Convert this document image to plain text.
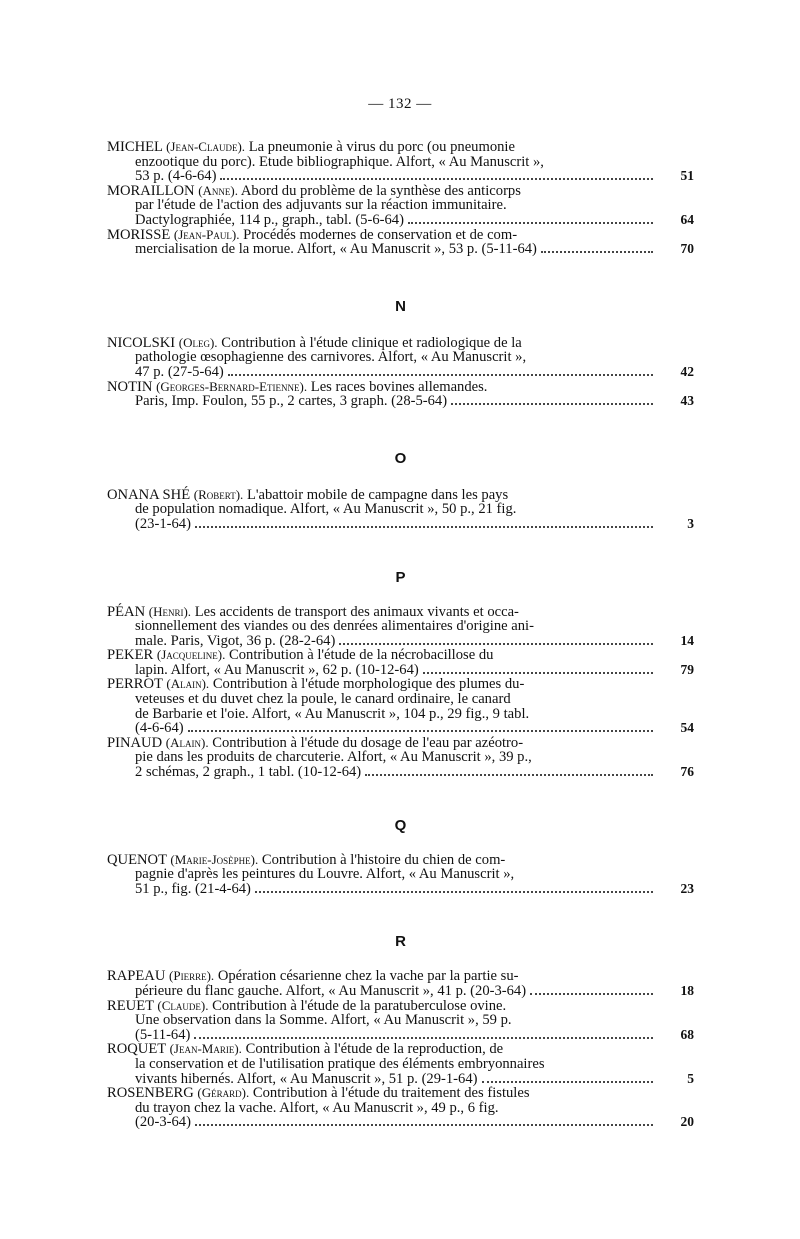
— 132 —
MICHEL (Jean-Claude). La pneumonie à virus du porc (ou pneumonie
enzootique du porc). Etude bibliographique. Alfort, « Au Manuscrit »,
53 p. (4-6-64)	51
MORAILLON (Anne). Abord du problème de la synthèse des anticorps
par l'étude de l'action des adjuvants sur la réaction immunitaire.
Dactylographiée, 114 p., graph., tabl. (5-6-64)	64
MORISSE (Jean-Paul). Procédés modernes de conservation et de com-
mercialisation de la morue. Alfort, « Au Manuscrit », 53 p. (5-11-64)	70
N
NICOLSKI (Oleg). Contribution à l'étude clinique et radiologique de la
pathologie œsophagienne des carnivores. Alfort, « Au Manuscrit »,
47 p. (27-5-64)	42
NOTIN (Georges-Bernard-Etienne). Les races bovines allemandes.
Paris, Imp. Foulon, 55 p., 2 cartes, 3 graph. (28-5-64)	43
O
ONANA SHÉ (Robert). L'abattoir mobile de campagne dans les pays
de population nomadique. Alfort, « Au Manuscrit », 50 p., 21 fig.
(23-1-64)	3
P
PÉAN (Henri). Les accidents de transport des animaux vivants et occa-
sionnellement des viandes ou des denrées alimentaires d'origine ani-
male. Paris, Vigot, 36 p. (28-2-64)	14
PEKER (Jacqueline). Contribution à l'étude de la nécrobacillose du
lapin. Alfort, « Au Manuscrit », 62 p. (10-12-64)	79
PERROT (Alain). Contribution à l'étude morphologique des plumes du-
veteuses et du duvet chez la poule, le canard ordinaire, le canard
de Barbarie et l'oie. Alfort, « Au Manuscrit », 104 p., 29 fig., 9 tabl.
(4-6-64)	54
PINAUD (Alain). Contribution à l'étude du dosage de l'eau par azéotro-
pie dans les produits de charcuterie. Alfort, « Au Manuscrit », 39 p.,
2 schémas, 2 graph., 1 tabl. (10-12-64)	76
Q
QUENOT (Marie-Josèphe). Contribution à l'histoire du chien de com-
pagnie d'après les peintures du Louvre. Alfort, « Au Manuscrit »,
51 p., fig. (21-4-64)	23
R
RAPEAU (Pierre). Opération césarienne chez la vache par la partie su-
périeure du flanc gauche. Alfort, « Au Manuscrit », 41 p. (20-3-64)	18
REUET (Claude). Contribution à l'étude de la paratuberculose ovine.
Une observation dans la Somme. Alfort, « Au Manuscrit », 59 p.
(5-11-64)	68
ROQUET (Jean-Marie). Contribution à l'étude de la reproduction, de
la conservation et de l'utilisation pratique des éléments embryonnaires
vivants hibernés. Alfort, « Au Manuscrit », 51 p. (29-1-64)	5
ROSENBERG (Gérard). Contribution à l'étude du traitement des fistules
du trayon chez la vache. Alfort, « Au Manuscrit », 49 p., 6 fig.
(20-3-64)	20
